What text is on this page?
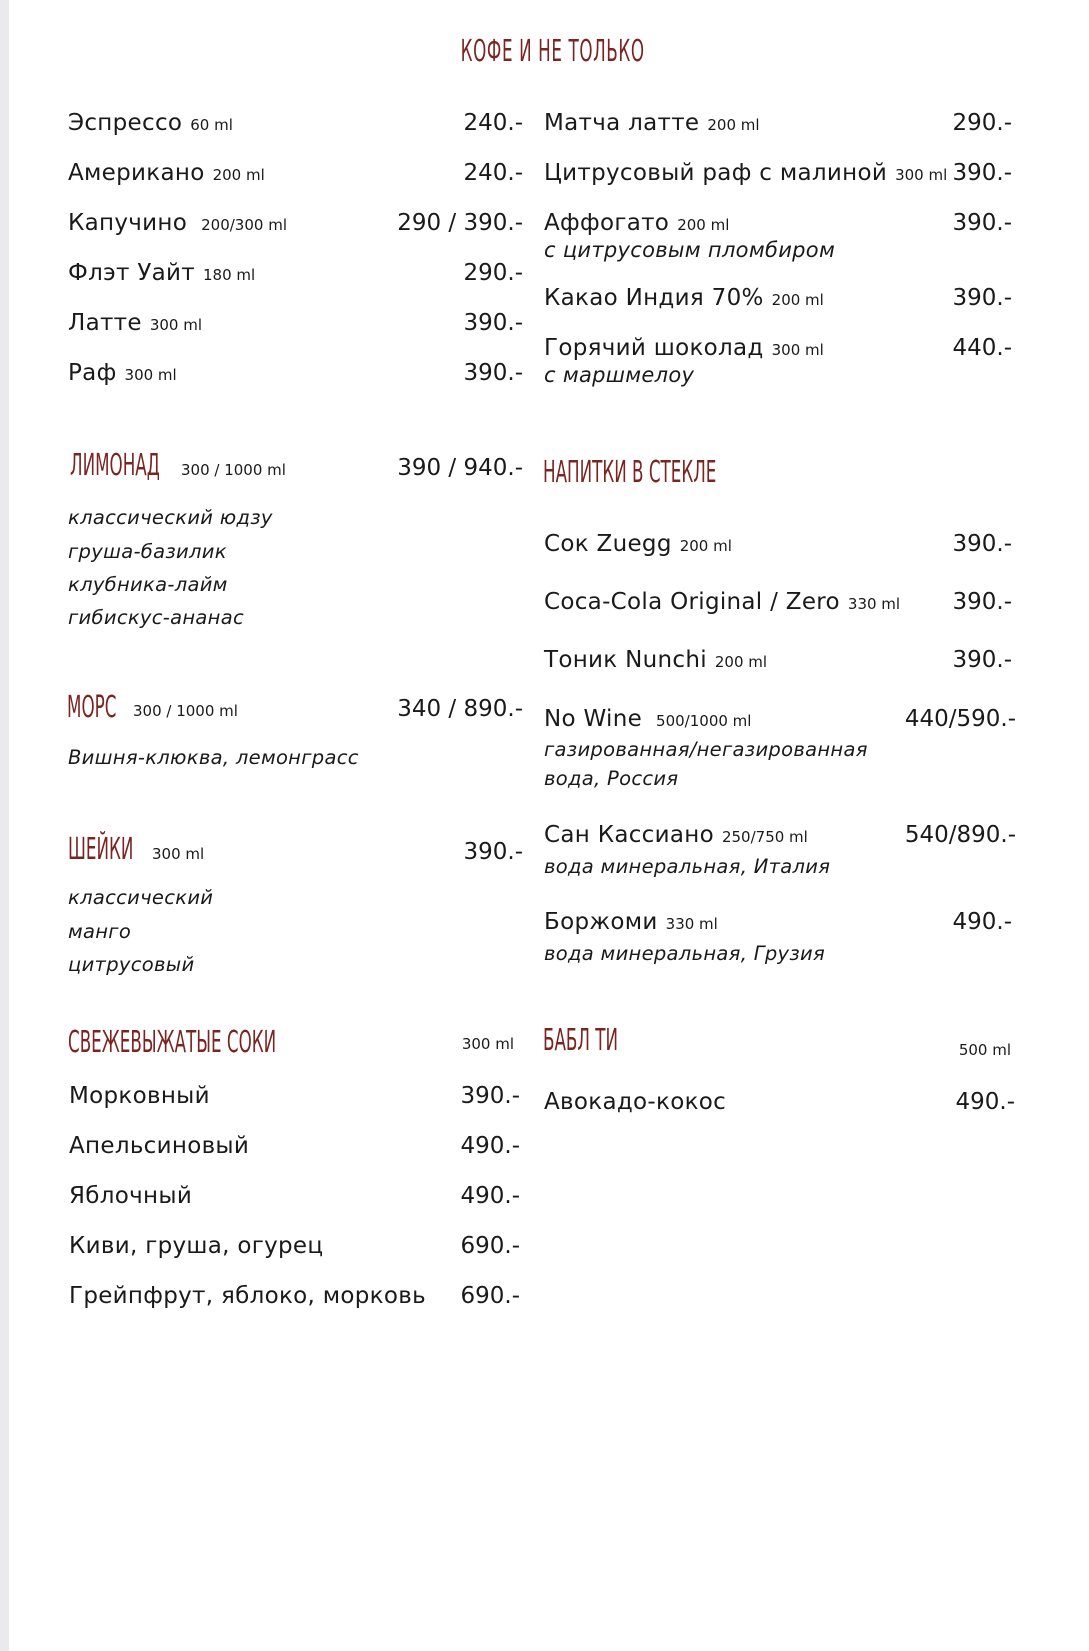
КОФЕ И НЕ ТОЛЬКО
Эспрессо 60 ml	240.-
Американо 200 ml	240.-
Капучино 200/300 ml	290 / 390.-
Флэт Уайт 180 ml	290.-
Латте 300 ml	390.-
Раф 300 ml	390.-
Матча латте 200 ml	290.-
Цитрусовый раф с малиной 300 ml 390.-
Аффогато 200 ml	390.-
с цитрусовым пломбиром
Какао Индия 70% 200 ml	390.-
Горячий шоколад 300 ml	440.-
с маршмелоу
ЛИМОНАД	300 / 1000 ml	390 / 940.-
классический юдзу
груша-базилик
клубника-лайм
гибискус-ананас
МОРС	300 / 1000 ml	340 / 890.-
Вишня-клюква, лемонграсс
ШЕЙКИ	300 ml	390.-
классический
манго
цитрусовый
СВЕЖЕВЫЖАТЫЕ СОКИ	300 ml
Морковный	390.-
Апельсиновый	490.-
Яблочный	490.-
Киви, груша, огурец	690.-
Грейпфрут, яблоко, морковь 690.-
НАПИТКИ В СТЕКЛЕ
Сок Zuegg 200 ml	390.-
Coca-Cola Original / Zero 330 ml 390.-
Тоник Nunchi 200 ml	390.-
No Wine 500/1000 ml	440/590.-
газированная/негазированная
вода, Россия
Сан Кассиано 250/750 ml	540/890.-
вода минеральная, Италия
Боржоми 330 ml	490.-
вода минеральная, Грузия
БАБЛ ТИ	500 ml
Авокадо-кокос	490.-
